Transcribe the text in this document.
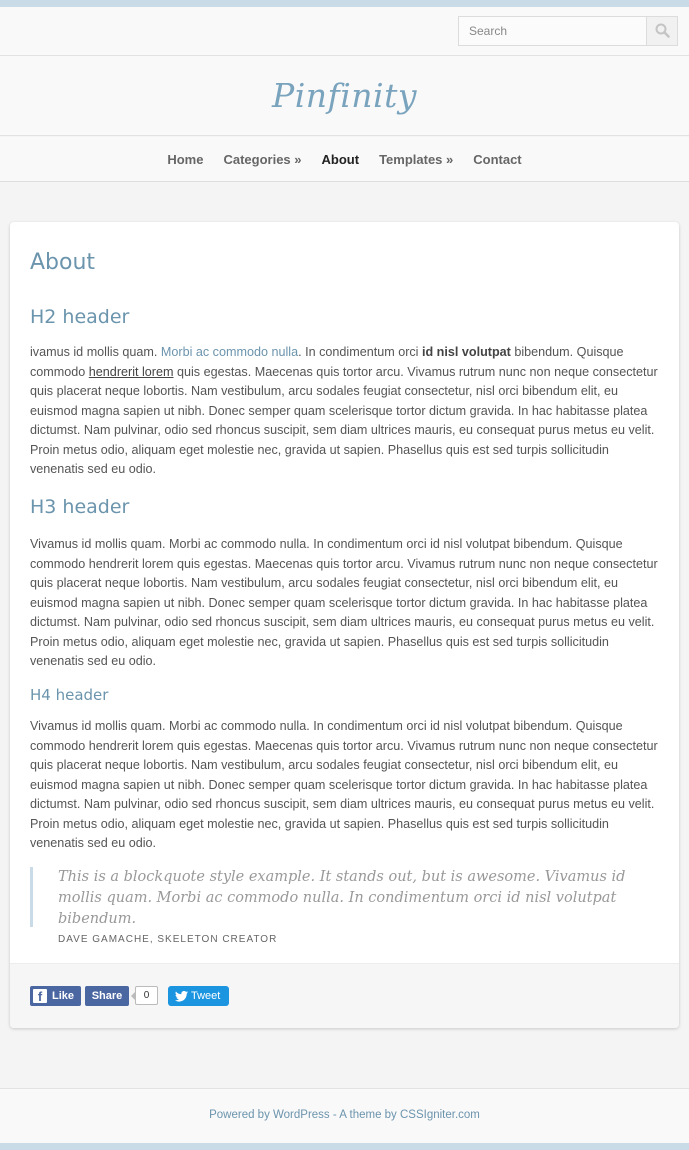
Search
Pinfinity
Home Categories » About Templates » Contact
About
H2 header
ivamus id mollis quam. Morbi ac commodo nulla. In condimentum orci id nisl volutpat bibendum. Quisque commodo hendrerit lorem quis egestas. Maecenas quis tortor arcu. Vivamus rutrum nunc non neque consectetur quis placerat neque lobortis. Nam vestibulum, arcu sodales feugiat consectetur, nisl orci bibendum elit, eu euismod magna sapien ut nibh. Donec semper quam scelerisque tortor dictum gravida. In hac habitasse platea dictumst. Nam pulvinar, odio sed rhoncus suscipit, sem diam ultrices mauris, eu consequat purus metus eu velit. Proin metus odio, aliquam eget molestie nec, gravida ut sapien. Phasellus quis est sed turpis sollicitudin venenatis sed eu odio.
H3 header
Vivamus id mollis quam. Morbi ac commodo nulla. In condimentum orci id nisl volutpat bibendum. Quisque commodo hendrerit lorem quis egestas. Maecenas quis tortor arcu. Vivamus rutrum nunc non neque consectetur quis placerat neque lobortis. Nam vestibulum, arcu sodales feugiat consectetur, nisl orci bibendum elit, eu euismod magna sapien ut nibh. Donec semper quam scelerisque tortor dictum gravida. In hac habitasse platea dictumst. Nam pulvinar, odio sed rhoncus suscipit, sem diam ultrices mauris, eu consequat purus metus eu velit. Proin metus odio, aliquam eget molestie nec, gravida ut sapien. Phasellus quis est sed turpis sollicitudin venenatis sed eu odio.
H4 header
Vivamus id mollis quam. Morbi ac commodo nulla. In condimentum orci id nisl volutpat bibendum. Quisque commodo hendrerit lorem quis egestas. Maecenas quis tortor arcu. Vivamus rutrum nunc non neque consectetur quis placerat neque lobortis. Nam vestibulum, arcu sodales feugiat consectetur, nisl orci bibendum elit, eu euismod magna sapien ut nibh. Donec semper quam scelerisque tortor dictum gravida. In hac habitasse platea dictumst. Nam pulvinar, odio sed rhoncus suscipit, sem diam ultrices mauris, eu consequat purus metus eu velit. Proin metus odio, aliquam eget molestie nec, gravida ut sapien. Phasellus quis est sed turpis sollicitudin venenatis sed eu odio.
This is a blockquote style example. It stands out, but is awesome. Vivamus id mollis quam. Morbi ac commodo nulla. In condimentum orci id nisl volutpat bibendum.
DAVE GAMACHE, SKELETON CREATOR
f Like	Share	0	Tweet
Powered by WordPress - A theme by CSSIgniter.com
